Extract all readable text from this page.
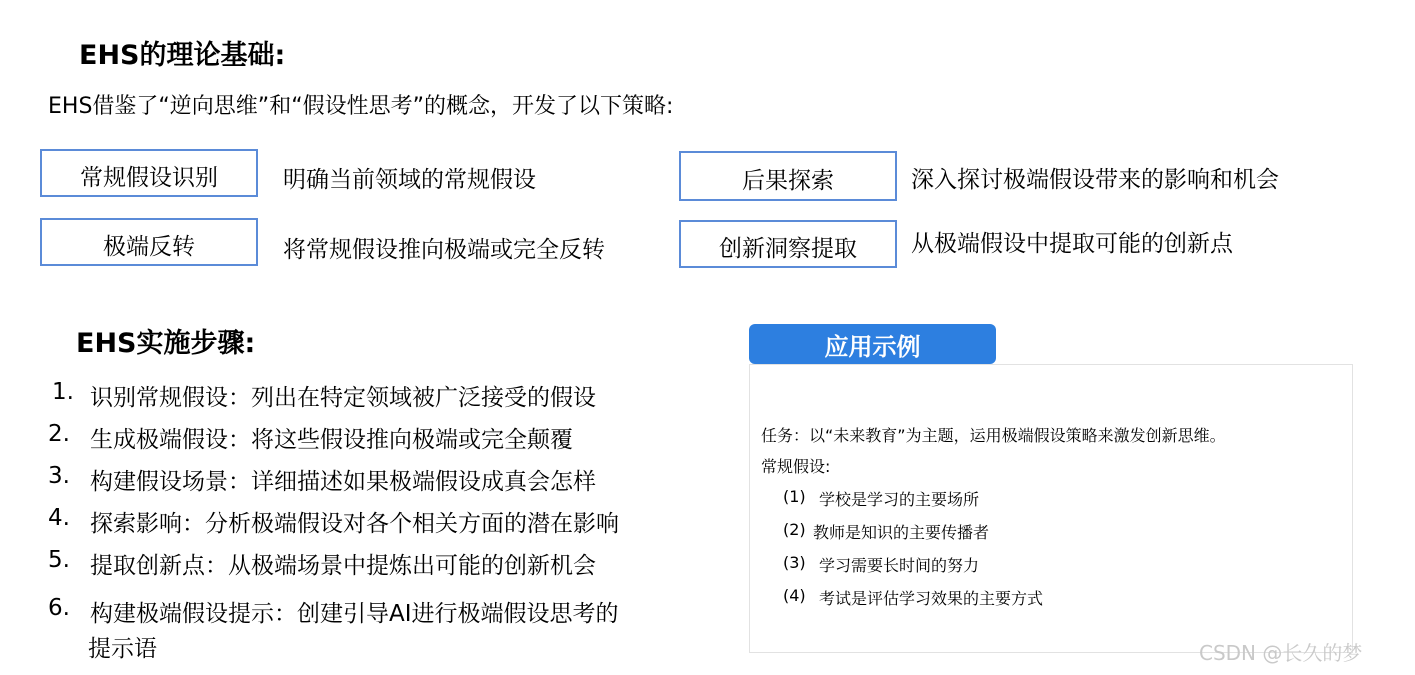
EHS的理论基础:
EHS借鉴了“逆向思维”和“假设性思考”的概念，开发了以下策略:
常规假设识别	明确当前领域的常规假设
极端反转	将常规假设推向极端或完全反转
后果探索	深入探讨极端假设带来的影响和机会
创新洞察提取	从极端假设中提取可能的创新点
EHS实施步骤:
1. 识别常规假设：列出在特定领域被广泛接受的假设
2. 生成极端假设：将这些假设推向极端或完全颠覆
3. 构建假设场景：详细描述如果极端假设成真会怎样
4. 探索影响：分析极端假设对各个相关方面的潜在影响
5. 提取创新点：从极端场景中提炼出可能的创新机会
6. 构建极端假设提示：创建引导AI进行极端假设思考的
提示语
应用示例
任务：以“未来教育”为主题，运用极端假设策略来激发创新思维。
常规假设:
(1) 学校是学习的主要场所
(2) 教师是知识的主要传播者
(3) 学习需要长时间的努力
(4) 考试是评估学习效果的主要方式
CSDN @长久的梦
